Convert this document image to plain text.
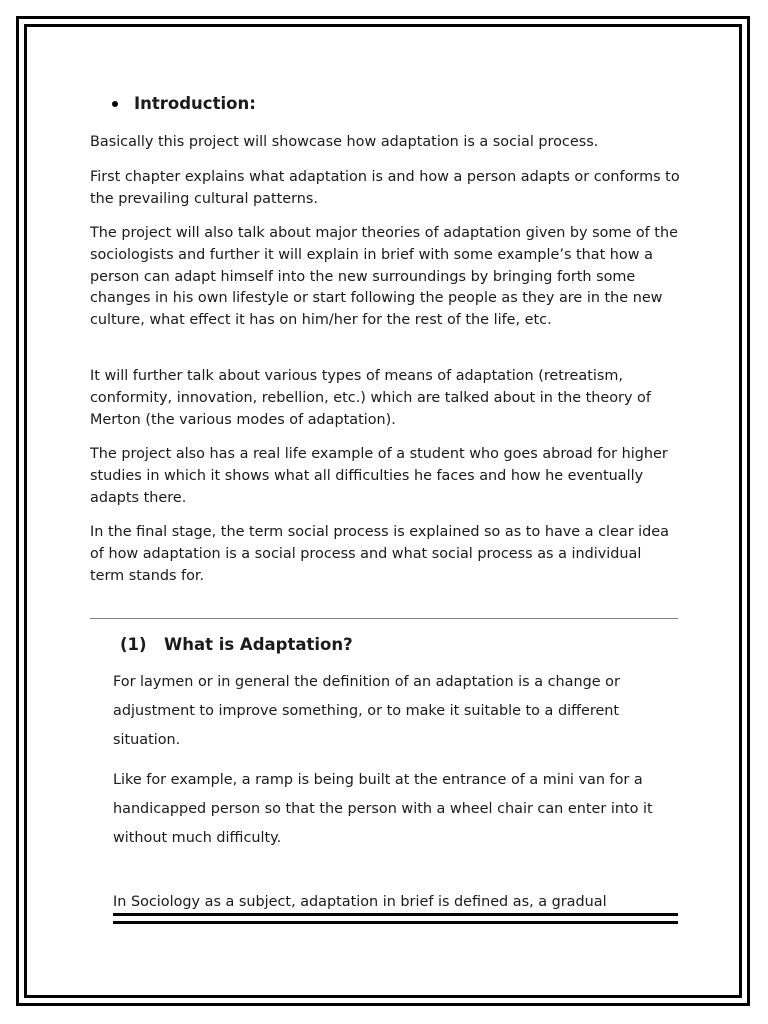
Introduction:

Basically this project will showcase how adaptation is a social process.

First chapter explains what adaptation is and how a person adapts or conforms to the prevailing cultural patterns.

The project will also talk about major theories of adaptation given by some of the sociologists and further it will explain in brief with some example’s that how a person can adapt himself into the new surroundings by bringing forth some changes in his own lifestyle or start following the people as they are in the new culture, what effect it has on him/her for the rest of the life, etc.

It will further talk about various types of means of adaptation (retreatism, conformity, innovation, rebellion, etc.) which are talked about in the theory of Merton (the various modes of adaptation).

The project also has a real life example of a student who goes abroad for higher studies in which it shows what all difficulties he faces and how he eventually adapts there.

In the final stage, the term social process is explained so as to have a clear idea of how adaptation is a social process and what social process as a individual term stands for.

(1) What is Adaptation?

For laymen or in general the definition of an adaptation is a change or adjustment to improve something, or to make it suitable to a different situation.

Like for example, a ramp is being built at the entrance of a mini van for a handicapped person so that the person with a wheel chair can enter into it without much difficulty.

In Sociology as a subject, adaptation in brief is defined as, a gradual
